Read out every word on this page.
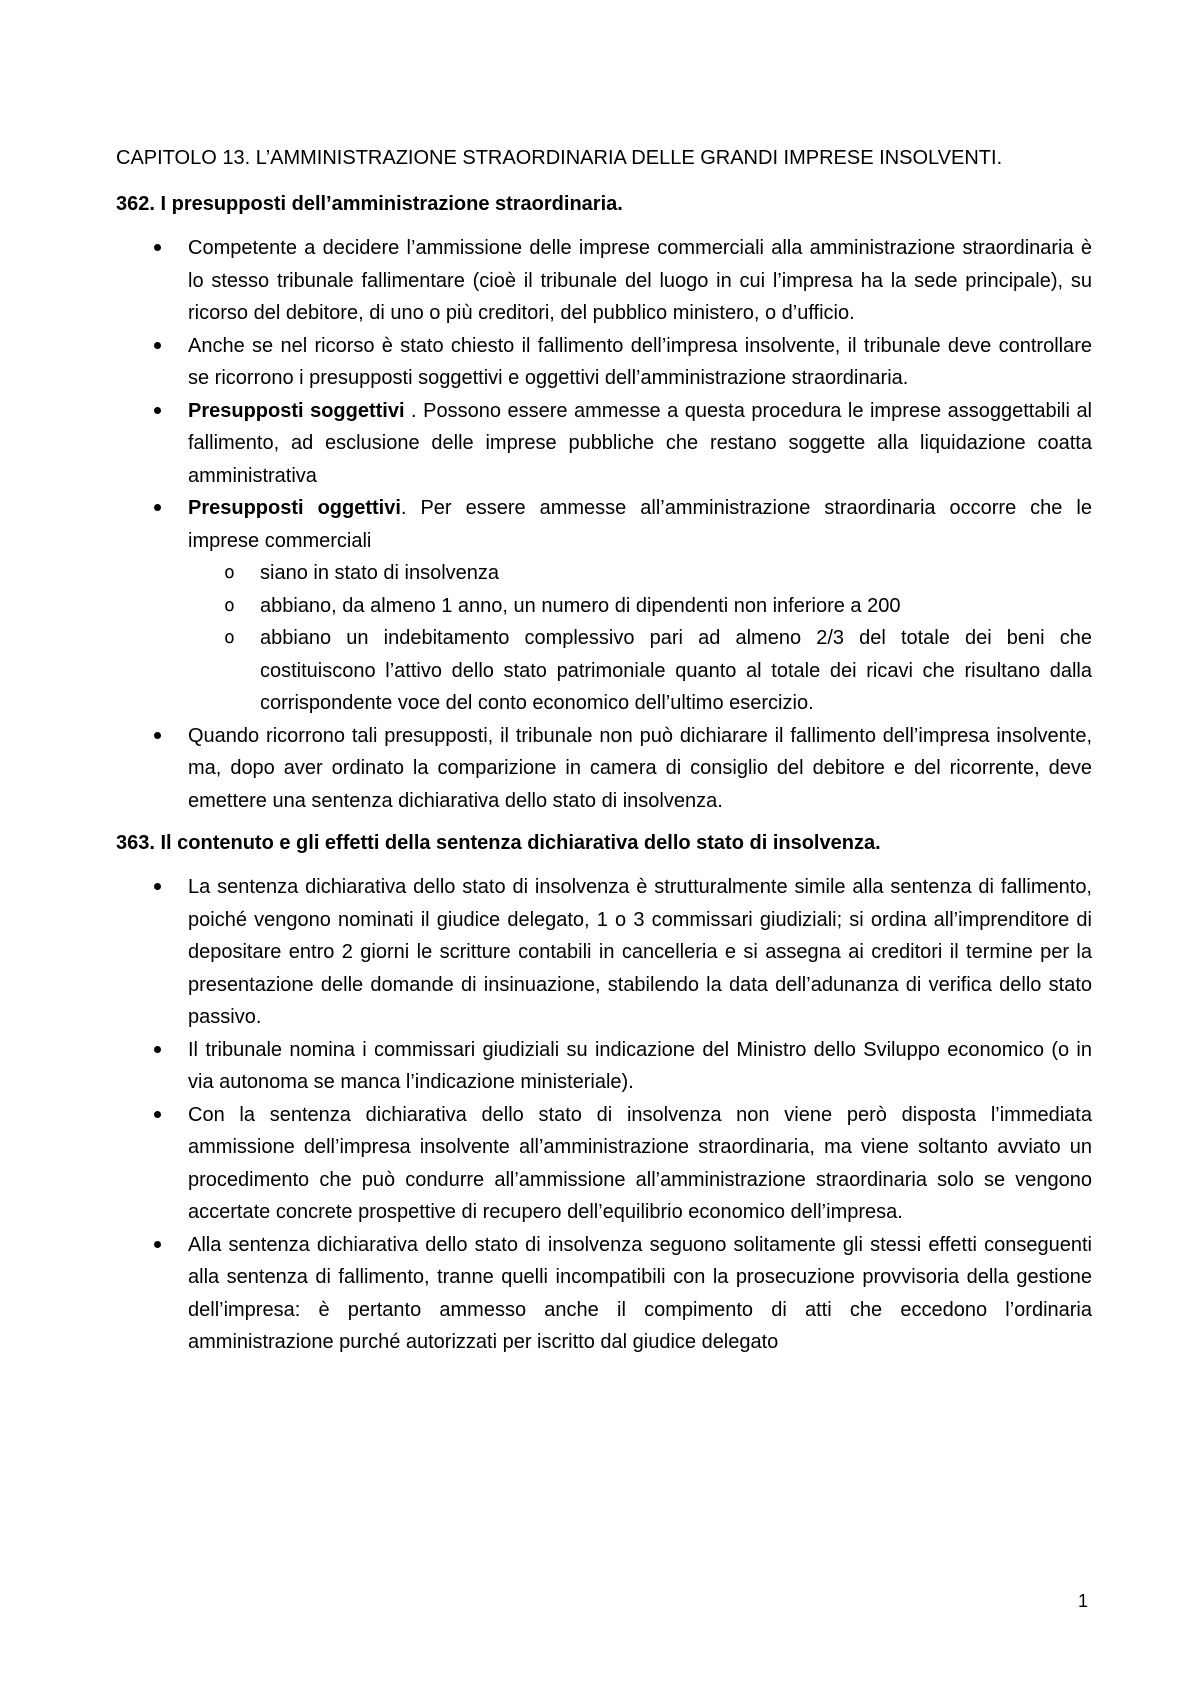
CAPITOLO 13. L’AMMINISTRAZIONE STRAORDINARIA DELLE GRANDI IMPRESE INSOLVENTI.
362. I presupposti dell’amministrazione straordinaria.
Competente a decidere l’ammissione delle imprese commerciali alla amministrazione straordinaria è lo stesso tribunale fallimentare (cioè il tribunale del luogo in cui l’impresa ha la sede principale), su ricorso del debitore, di uno o più creditori, del pubblico ministero, o d’ufficio.
Anche se nel ricorso è stato chiesto il fallimento dell’impresa insolvente, il tribunale deve controllare se ricorrono i presupposti soggettivi e oggettivi dell’amministrazione straordinaria.
Presupposti soggettivi . Possono essere ammesse a questa procedura le imprese assoggettabili al fallimento, ad esclusione delle imprese pubbliche che restano soggette alla liquidazione coatta amministrativa
Presupposti oggettivi. Per essere ammesse all’amministrazione straordinaria occorre che le imprese commerciali
o siano in stato di insolvenza
o abbiano, da almeno 1 anno, un numero di dipendenti non inferiore a 200
o abbiano un indebitamento complessivo pari ad almeno 2/3 del totale dei beni che costituiscono l’attivo dello stato patrimoniale quanto al totale dei ricavi che risultano dalla corrispondente voce del conto economico dell’ultimo esercizio.
Quando ricorrono tali presupposti, il tribunale non può dichiarare il fallimento dell’impresa insolvente, ma, dopo aver ordinato la comparizione in camera di consiglio del debitore e del ricorrente, deve emettere una sentenza dichiarativa dello stato di insolvenza.
363. Il contenuto e gli effetti della sentenza dichiarativa dello stato di insolvenza.
La sentenza dichiarativa dello stato di insolvenza è strutturalmente simile alla sentenza di fallimento, poiché vengono nominati il giudice delegato, 1 o 3 commissari giudiziali; si ordina all’imprenditore di depositare entro 2 giorni le scritture contabili in cancelleria e si assegna ai creditori il termine per la presentazione delle domande di insinuazione, stabilendo la data dell’adunanza di verifica dello stato passivo.
Il tribunale nomina i commissari giudiziali su indicazione del Ministro dello Sviluppo economico (o in via autonoma se manca l’indicazione ministeriale).
Con la sentenza dichiarativa dello stato di insolvenza non viene però disposta l’immediata ammissione dell’impresa insolvente all’amministrazione straordinaria, ma viene soltanto avviato un procedimento che può condurre all’ammissione all’amministrazione straordinaria solo se vengono accertate concrete prospettive di recupero dell’equilibrio economico dell’impresa.
Alla sentenza dichiarativa dello stato di insolvenza seguono solitamente gli stessi effetti conseguenti alla sentenza di fallimento, tranne quelli incompatibili con la prosecuzione provvisoria della gestione dell’impresa: è pertanto ammesso anche il compimento di atti che eccedono l’ordinaria amministrazione purché autorizzati per iscritto dal giudice delegato
1
